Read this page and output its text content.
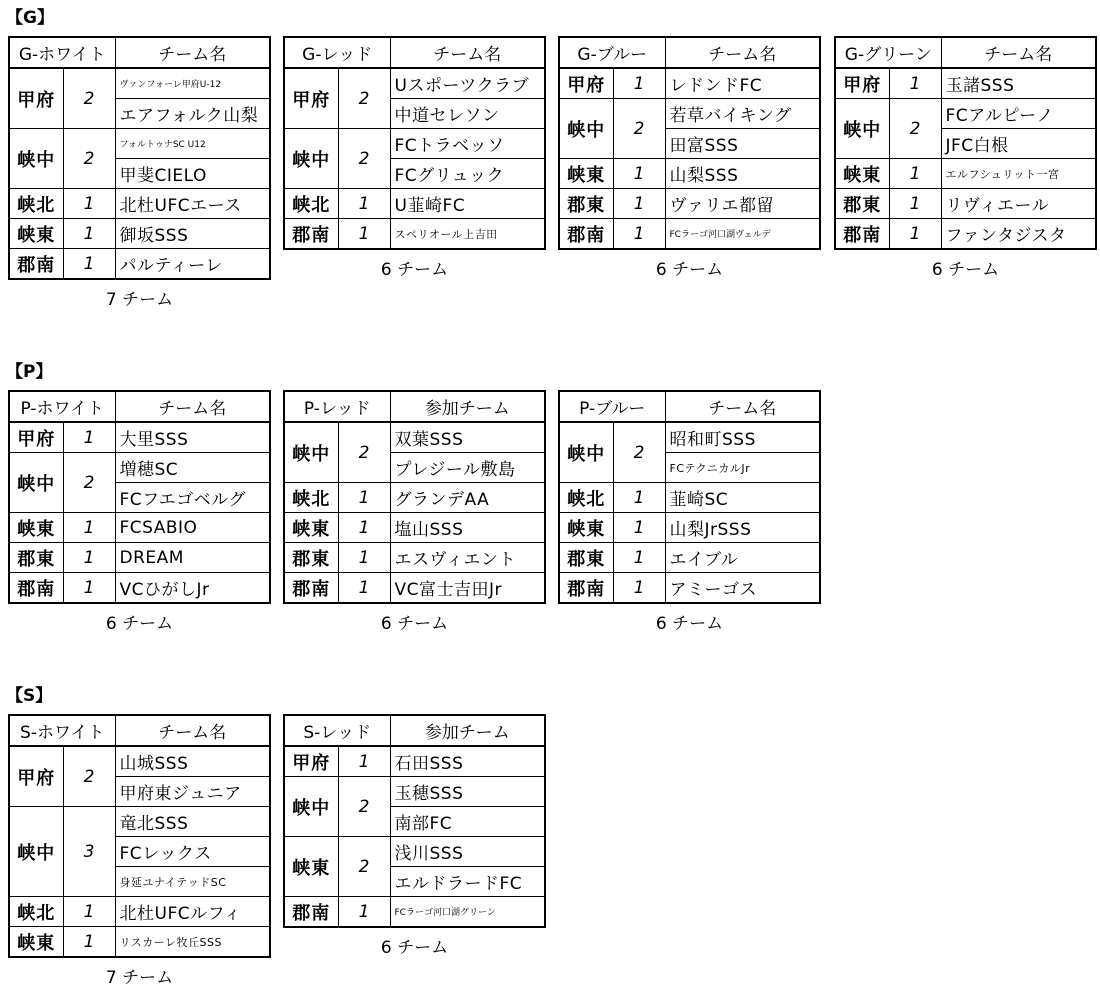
【G】
G-ホワイト		チーム名
甲府	2	ヴァンフォーレ甲府U-12
		エアフォルク山梨
峡中	2	フォルトゥナSC U12
		甲斐CIELO
峡北	1	北杜UFCエース
峡東	1	御坂SSS
郡南	1	パルティーレ
7 チーム
G-レッド		チーム名
甲府	2	Uスポーツクラブ
		中道セレソン
峡中	2	FCトラベッソ
		FCグリュック
峡北	1	U韮崎FC
郡南	1	スペリオール上吉田
6 チーム
G-ブルー		チーム名
甲府	1	レドンドFC
峡中	2	若草バイキング
		田富SSS
峡東	1	山梨SSS
郡東	1	ヴァリエ都留
郡南	1	FCラーゴ河口湖ヴェルデ
6 チーム
G-グリーン		チーム名
甲府	1	玉諸SSS
峡中	2	FCアルピーノ
		JFC白根
峡東	1	エルフシュリット一宮
郡東	1	リヴィエール
郡南	1	ファンタジスタ
6 チーム
【P】
P-ホワイト		チーム名
甲府	1	大里SSS
峡中	2	増穂SC
		FCフエゴベルグ
峡東	1	FCSABIO
郡東	1	DREAM
郡南	1	VCひがしJr
6 チーム
P-レッド		参加チーム
峡中	2	双葉SSS
		プレジール敷島
峡北	1	グランデAA
峡東	1	塩山SSS
郡東	1	エスヴィエント
郡南	1	VC富士吉田Jr
6 チーム
P-ブルー		チーム名
峡中	2	昭和町SSS
		FCテクニカルJr
峡北	1	韮崎SC
峡東	1	山梨JrSSS
郡東	1	エイブル
郡南	1	アミーゴス
6 チーム
【S】
S-ホワイト		チーム名
甲府	2	山城SSS
		甲府東ジュニア
峡中	3	竜北SSS
		FCレックス
		身延ユナイテッドSC
峡北	1	北杜UFCルフィ
峡東	1	リスカーレ牧丘SSS
7 チーム
S-レッド		参加チーム
甲府	1	石田SSS
峡中	2	玉穂SSS
		南部FC
峡東	2	浅川SSS
		エルドラードFC
郡南	1	FCラーゴ河口湖グリーン
6 チーム
